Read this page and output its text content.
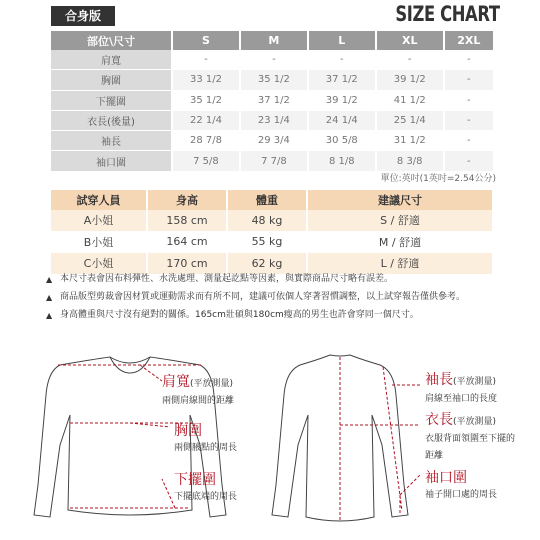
合身版	SIZE CHART
部位\尺寸	S	M	L	XL	2XL
肩寬	-	-	-	-	-
胸圍	33 1/2	35 1/2	37 1/2	39 1/2	-
下擺圍	35 1/2	37 1/2	39 1/2	41 1/2	-
衣長(後量)	22 1/4	23 1/4	24 1/4	25 1/4	-
袖長	28 7/8	29 3/4	30 5/8	31 1/2	-
袖口圍	7 5/8	7 7/8	8 1/8	8 3/8	-
單位:英吋(1英吋=2.54公分)
試穿人員	身高	體重	建議尺寸
A小姐	158 cm	48 kg	S / 舒適
B小姐	164 cm	55 kg	M / 舒適
C小姐	170 cm	62 kg	L / 舒適
▲ 本尺寸表會因布料彈性、水洗處理、測量起訖點等因素，與實際商品尺寸略有誤差。
▲ 商品版型剪裁會因材質或運動需求而有所不同，建議可依個人穿著習慣調整，以上試穿報告僅供參考。
▲ 身高體重與尺寸沒有絕對的關係。165cm壯碩與180cm瘦高的男生也許會穿同一個尺寸。
肩寬(平放測量)
兩側肩線間的距離
胸圍
兩側腋點的周長
下擺圍
下擺底端的周長
袖長(平放測量)
肩線至袖口的長度
衣長(平放測量)
衣服背面領圍至下擺的距離
袖口圍
袖子開口處的周長
